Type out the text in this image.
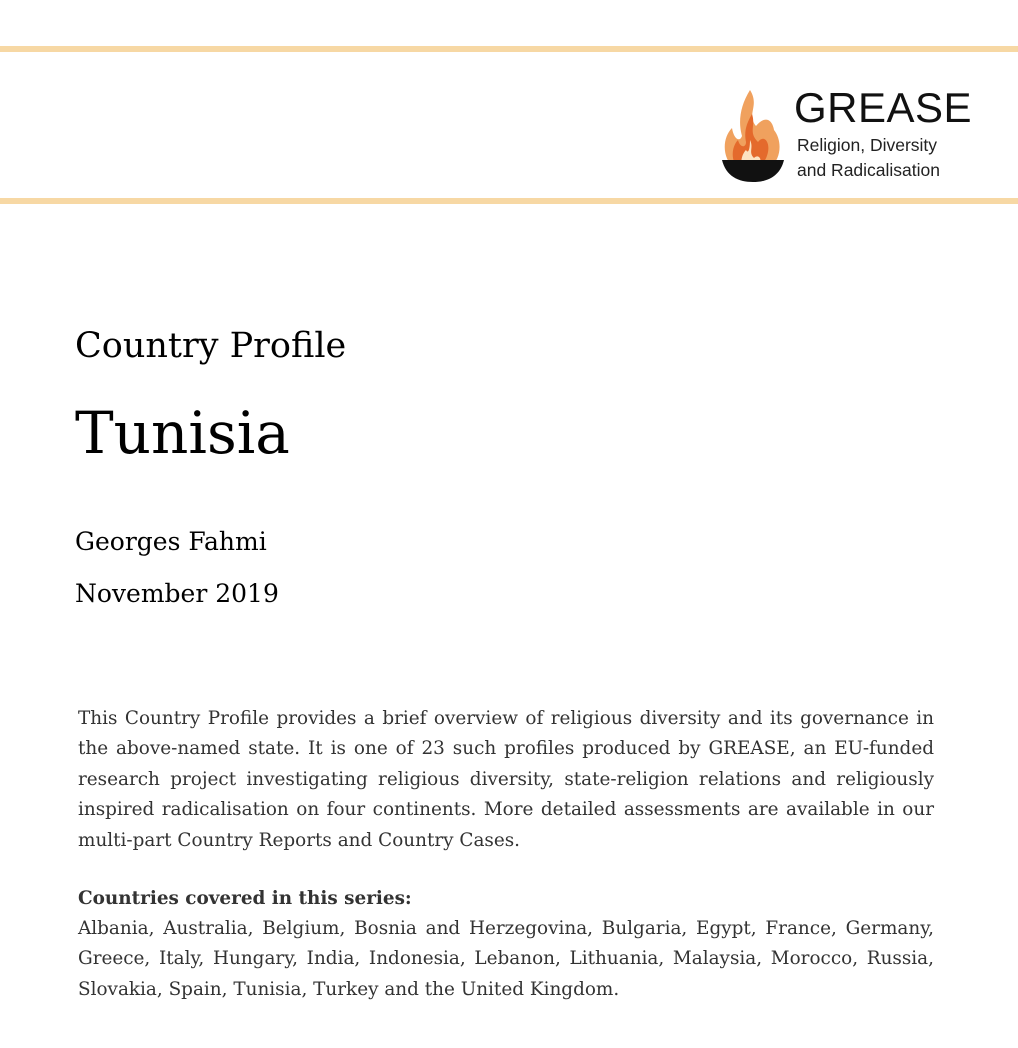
GREASE
Religion, Diversity
and Radicalisation
Country Profile
Tunisia
Georges Fahmi
November 2019

This Country Profile provides a brief overview of religious diversity and its governance in the above-named state. It is one of 23 such profiles produced by GREASE, an EU-funded research project investigating religious diversity, state-religion relations and religiously inspired radicalisation on four continents. More detailed assessments are available in our multi-part Country Reports and Country Cases.

Countries covered in this series:

Albania, Australia, Belgium, Bosnia and Herzegovina, Bulgaria, Egypt, France, Germany, Greece, Italy, Hungary, India, Indonesia, Lebanon, Lithuania, Malaysia, Morocco, Russia, Slovakia, Spain, Tunisia, Turkey and the United Kingdom.
